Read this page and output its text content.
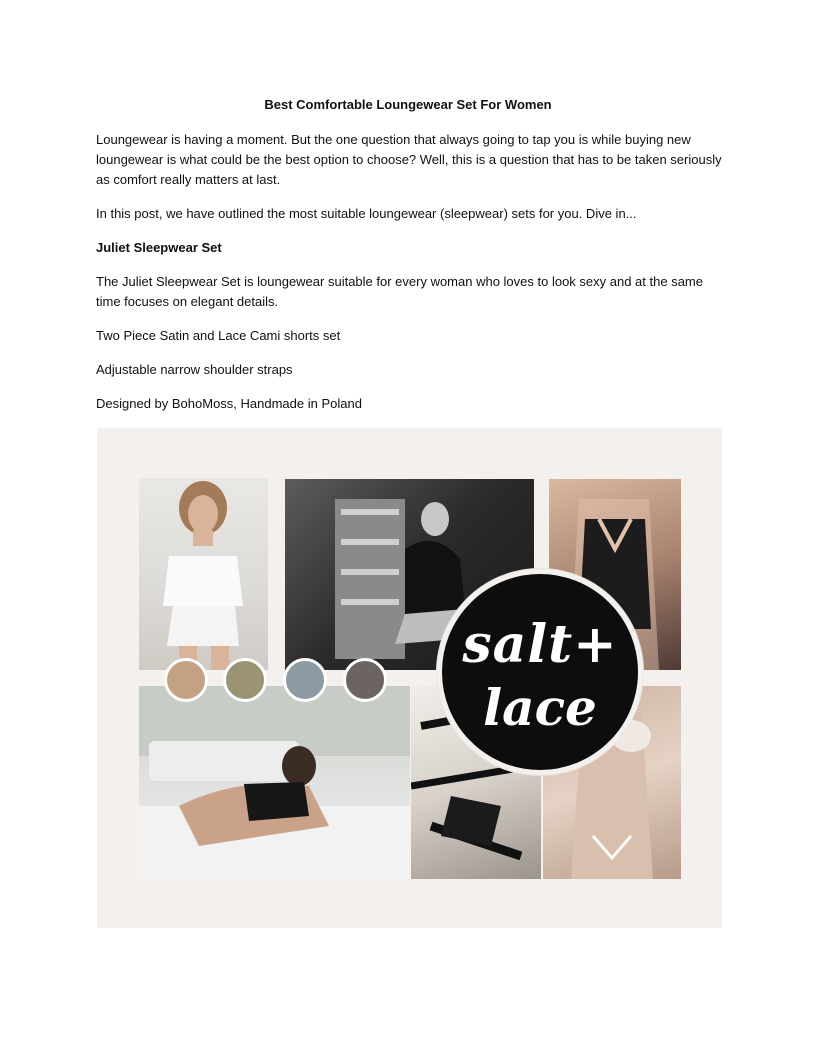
Best Comfortable Loungewear Set For Women

Loungewear is having a moment. But the one question that always going to tap you is while buying new loungewear is what could be the best option to choose? Well, this is a question that has to be taken seriously as comfort really matters at last.

In this post, we have outlined the most suitable loungewear (sleepwear) sets for you. Dive in...

Juliet Sleepwear Set

The Juliet Sleepwear Set is loungewear suitable for every woman who loves to look sexy and at the same time focuses on elegant details.

Two Piece Satin and Lace Cami shorts set

Adjustable narrow shoulder straps

Designed by BohoMoss, Handmade in Poland

salt+
lace
